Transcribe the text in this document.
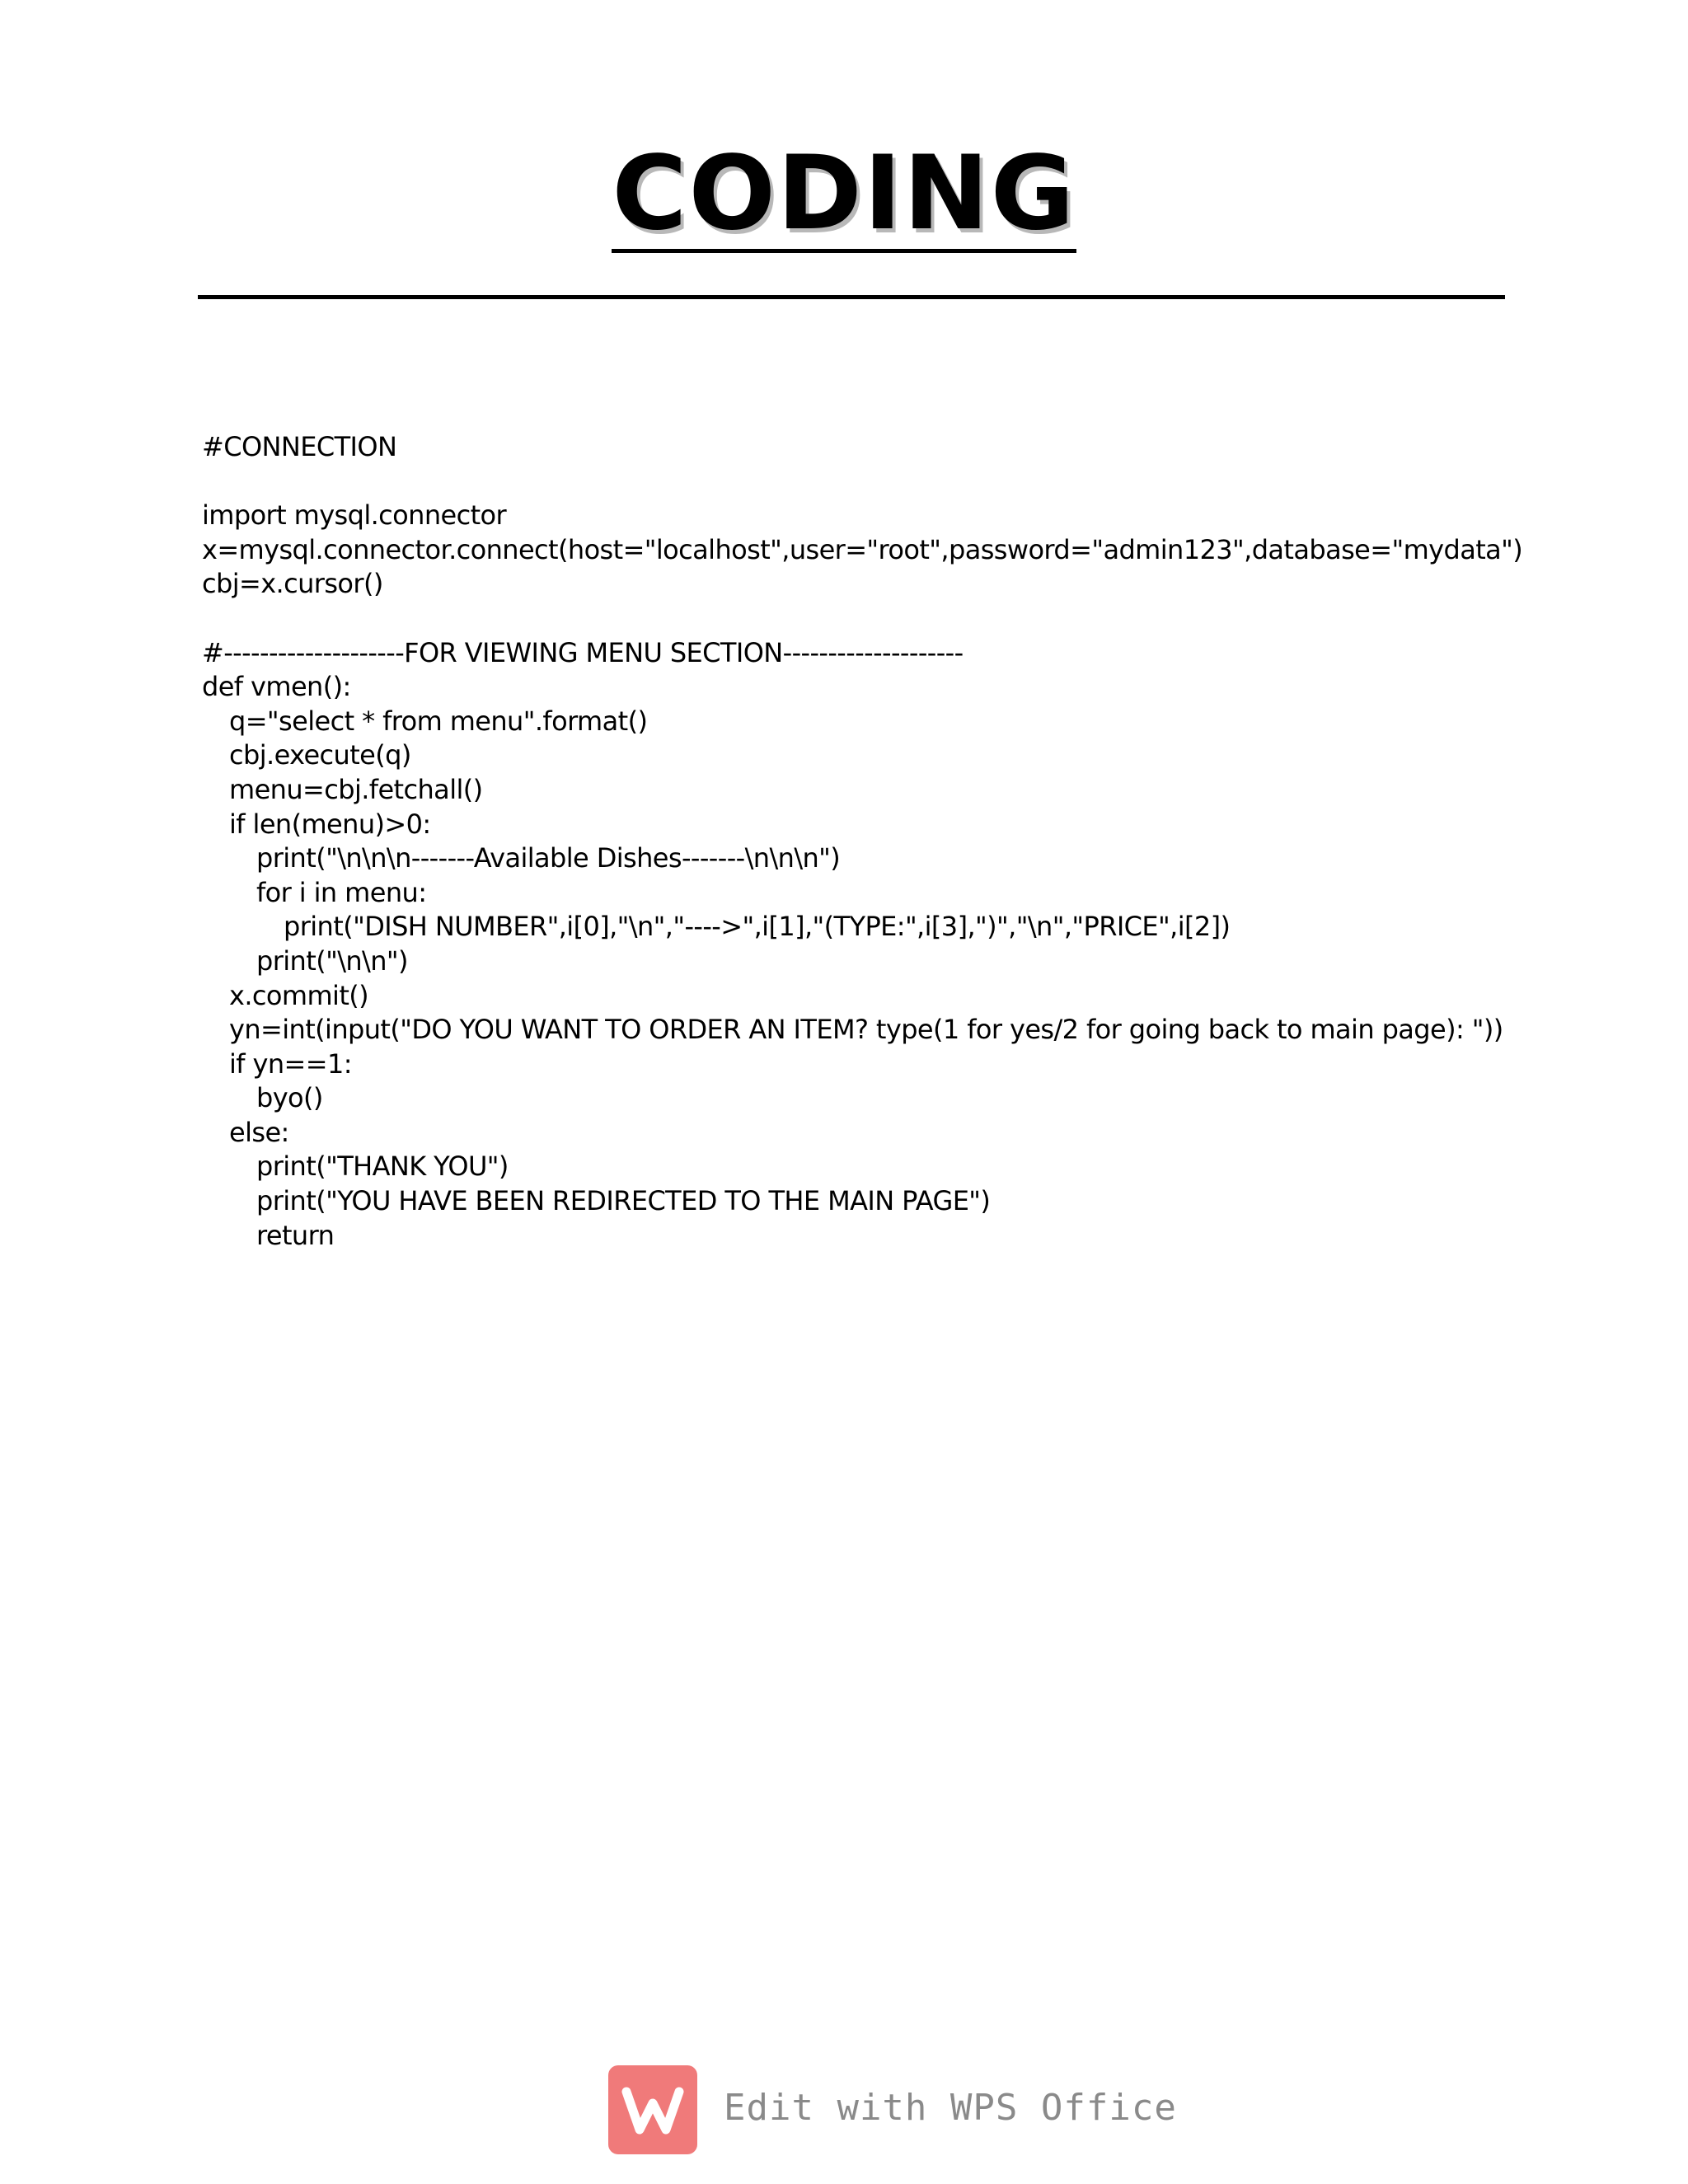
CODING
#CONNECTION
import mysql.connector
x=mysql.connector.connect(host="localhost",user="root",password="admin123",database="mydata")
cbj=x.cursor()
#--------------------FOR VIEWING MENU SECTION--------------------
def vmen():
q="select * from menu".format()
cbj.execute(q)
menu=cbj.fetchall()
if len(menu)>0:
print("\n\n\n-------Available Dishes-------\n\n\n")
for i in menu:
print("DISH NUMBER",i[0],"\n","---->",i[1],"(TYPE:",i[3],")","\n","PRICE",i[2])
print("\n\n")
x.commit()
yn=int(input("DO YOU WANT TO ORDER AN ITEM? type(1 for yes/2 for going back to main page): "))
if yn==1:
byo()
else:
print("THANK YOU")
print("YOU HAVE BEEN REDIRECTED TO THE MAIN PAGE")
return
Edit with WPS Office
